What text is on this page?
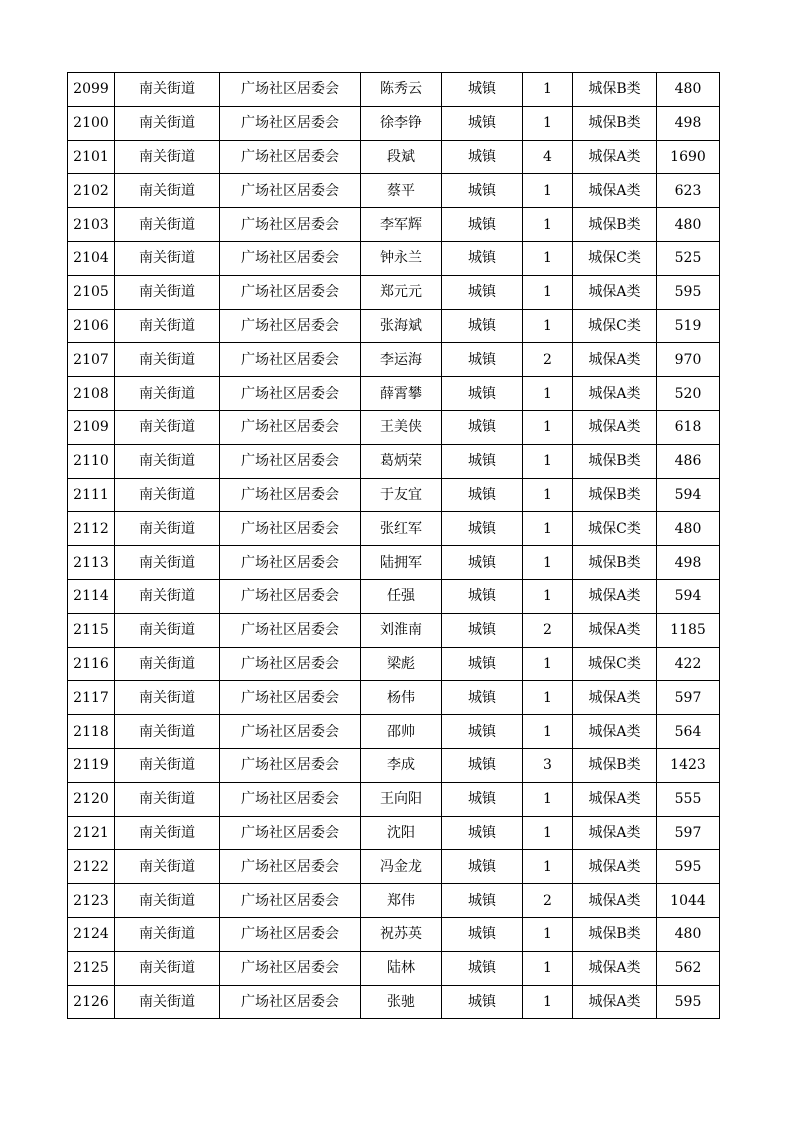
2099	南关街道	广场社区居委会	陈秀云	城镇	1	城保B类	480
2100	南关街道	广场社区居委会	徐李铮	城镇	1	城保B类	498
2101	南关街道	广场社区居委会	段斌	城镇	4	城保A类	1690
2102	南关街道	广场社区居委会	蔡平	城镇	1	城保A类	623
2103	南关街道	广场社区居委会	李军辉	城镇	1	城保B类	480
2104	南关街道	广场社区居委会	钟永兰	城镇	1	城保C类	525
2105	南关街道	广场社区居委会	郑元元	城镇	1	城保A类	595
2106	南关街道	广场社区居委会	张海斌	城镇	1	城保C类	519
2107	南关街道	广场社区居委会	李运海	城镇	2	城保A类	970
2108	南关街道	广场社区居委会	薛霄攀	城镇	1	城保A类	520
2109	南关街道	广场社区居委会	王美侠	城镇	1	城保A类	618
2110	南关街道	广场社区居委会	葛炳荣	城镇	1	城保B类	486
2111	南关街道	广场社区居委会	于友宜	城镇	1	城保B类	594
2112	南关街道	广场社区居委会	张红军	城镇	1	城保C类	480
2113	南关街道	广场社区居委会	陆拥军	城镇	1	城保B类	498
2114	南关街道	广场社区居委会	任强	城镇	1	城保A类	594
2115	南关街道	广场社区居委会	刘淮南	城镇	2	城保A类	1185
2116	南关街道	广场社区居委会	梁彪	城镇	1	城保C类	422
2117	南关街道	广场社区居委会	杨伟	城镇	1	城保A类	597
2118	南关街道	广场社区居委会	邵帅	城镇	1	城保A类	564
2119	南关街道	广场社区居委会	李成	城镇	3	城保B类	1423
2120	南关街道	广场社区居委会	王向阳	城镇	1	城保A类	555
2121	南关街道	广场社区居委会	沈阳	城镇	1	城保A类	597
2122	南关街道	广场社区居委会	冯金龙	城镇	1	城保A类	595
2123	南关街道	广场社区居委会	郑伟	城镇	2	城保A类	1044
2124	南关街道	广场社区居委会	祝苏英	城镇	1	城保B类	480
2125	南关街道	广场社区居委会	陆林	城镇	1	城保A类	562
2126	南关街道	广场社区居委会	张驰	城镇	1	城保A类	595
